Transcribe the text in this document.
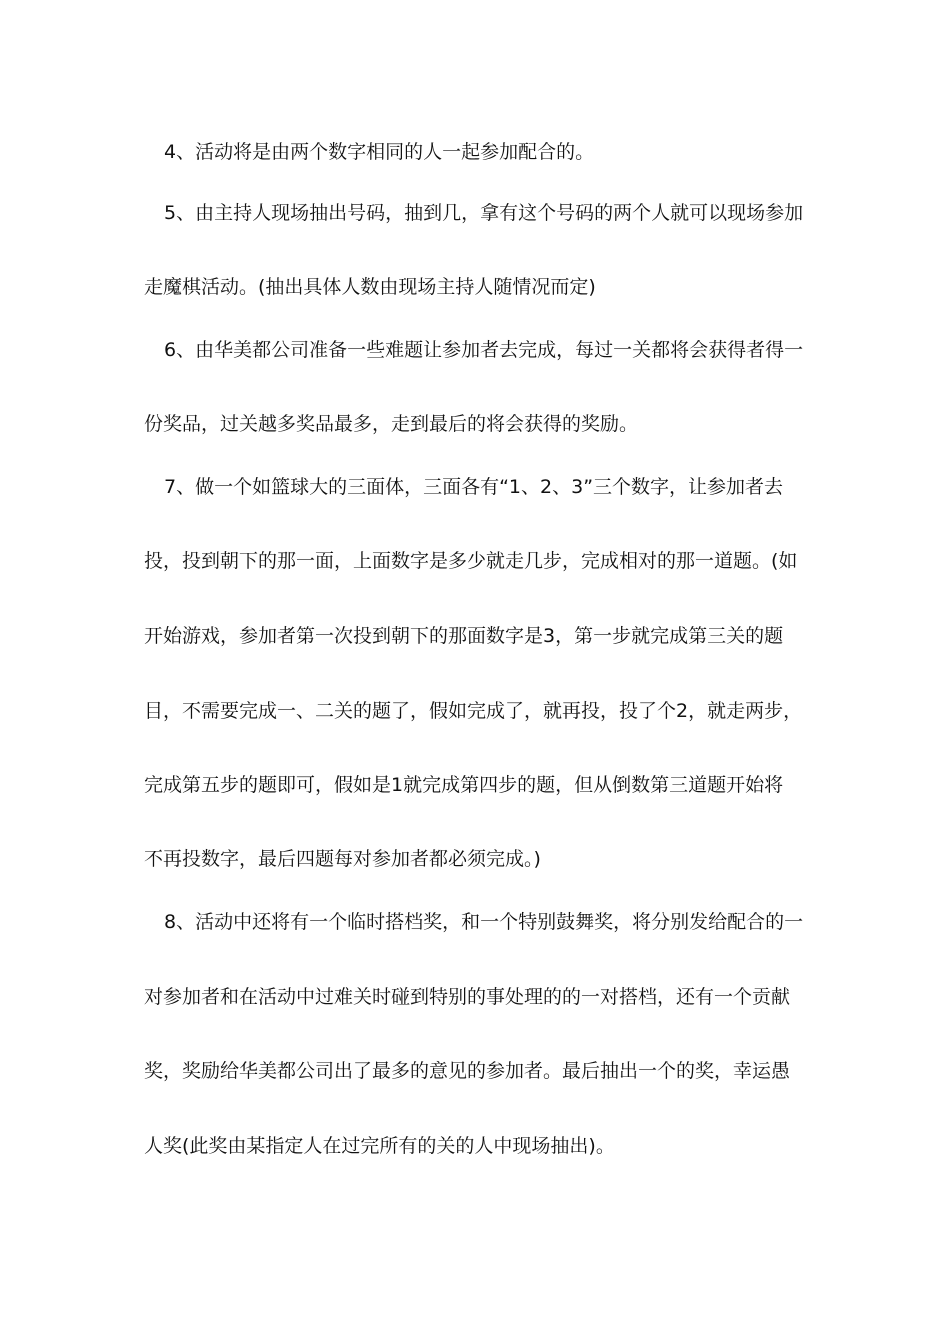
4、活动将是由两个数字相同的人一起参加配合的。
5、由主持人现场抽出号码，抽到几，拿有这个号码的两个人就可以现场参加
走魔棋活动。(抽出具体人数由现场主持人随情况而定)
6、由华美都公司准备一些难题让参加者去完成，每过一关都将会获得者得一
份奖品，过关越多奖品最多，走到最后的将会获得的奖励。
7、做一个如篮球大的三面体，三面各有“1、2、3”三个数字，让参加者去
投，投到朝下的那一面，上面数字是多少就走几步，完成相对的那一道题。(如
开始游戏，参加者第一次投到朝下的那面数字是3，第一步就完成第三关的题
目，不需要完成一、二关的题了，假如完成了，就再投，投了个2，就走两步，
完成第五步的题即可，假如是1就完成第四步的题，但从倒数第三道题开始将
不再投数字，最后四题每对参加者都必须完成。)
8、活动中还将有一个临时搭档奖，和一个特别鼓舞奖，将分别发给配合的一
对参加者和在活动中过难关时碰到特别的事处理的的一对搭档，还有一个贡献
奖，奖励给华美都公司出了最多的意见的参加者。最后抽出一个的奖，幸运愚
人奖(此奖由某指定人在过完所有的关的人中现场抽出)。
